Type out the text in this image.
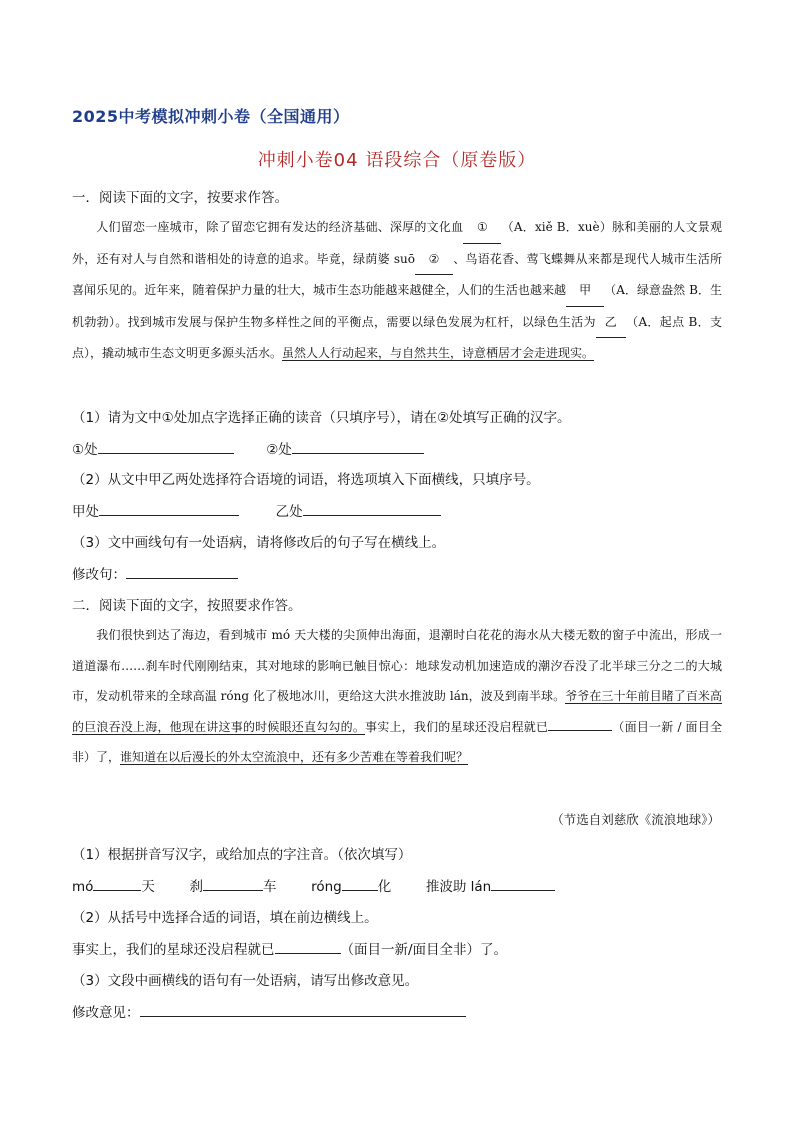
2025中考模拟冲刺小卷（全国通用）
冲刺小卷04 语段综合（原卷版）
一．阅读下面的文字，按要求作答。
人们留恋一座城市，除了留恋它拥有发达的经济基础、深厚的文化血 ① （A．xiě B．xuè）脉和美丽的人文景观外，还有对人与自然和谐相处的诗意的追求。毕竟，绿荫婆 suō ② 、鸟语花香、莺飞蝶舞从来都是现代人城市生活所喜闻乐见的。近年来，随着保护力量的壮大，城市生态功能越来越健全，人们的生活也越来越 甲 （A．绿意盎然 B．生机勃勃）。找到城市发展与保护生物多样性之间的平衡点，需要以绿色发展为杠杆，以绿色生活为 乙 （A．起点 B．支点），撬动城市生态文明更多源头活水。虽然人人行动起来，与自然共生，诗意栖居才会走进现实。
（1）请为文中①处加点字选择正确的读音（只填序号），请在②处填写正确的汉字。
①处	②处
（2）从文中甲乙两处选择符合语境的词语，将选项填入下面横线，只填序号。
甲处	乙处
（3）文中画线句有一处语病，请将修改后的句子写在横线上。
修改句：
二．阅读下面的文字，按照要求作答。
我们很快到达了海边，看到城市 mó 天大楼的尖顶伸出海面，退潮时白花花的海水从大楼无数的窗子中流出，形成一道道瀑布……刹车时代刚刚结束，其对地球的影响已触目惊心：地球发动机加速造成的潮汐吞没了北半球三分之二的大城市，发动机带来的全球高温 róng 化了极地冰川，更给这大洪水推波助 lán，波及到南半球。爷爷在三十年前目睹了百米高的巨浪吞没上海，他现在讲这事的时候眼还直勾勾的。事实上，我们的星球还没启程就已	（面目一新 / 面目全非）了，谁知道在以后漫长的外太空流浪中，还有多少苦难在等着我们呢？
（节选自刘慈欣《流浪地球》）
（1）根据拼音写汉字，或给加点的字注音。（依次填写）
mó	天	刹	车	róng	化	推波助 lán
（2）从括号中选择合适的词语，填在前边横线上。
事实上，我们的星球还没启程就已	（面目一新/面目全非）了。
（3）文段中画横线的语句有一处语病，请写出修改意见。
修改意见：
